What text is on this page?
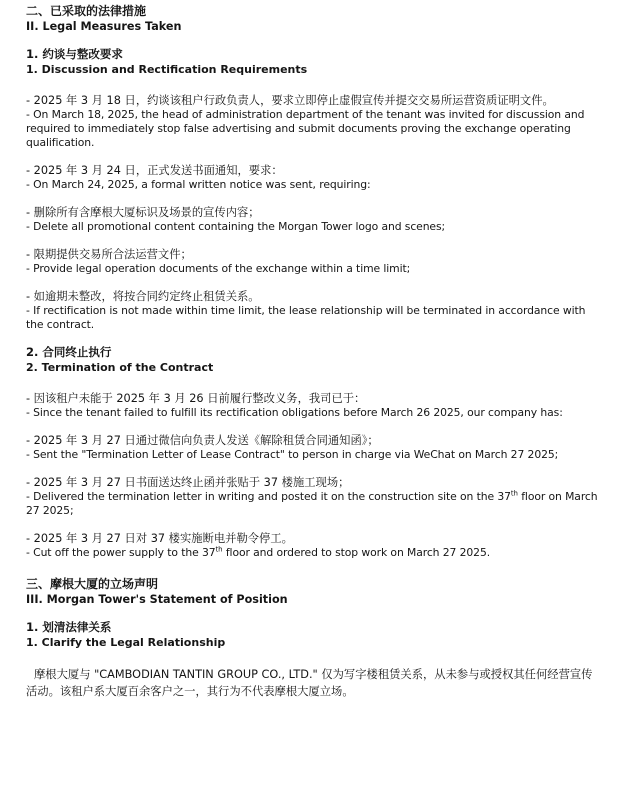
二、已采取的法律措施
II. Legal Measures Taken
1. 约谈与整改要求
1. Discussion and Rectification Requirements
- 2025 年 3 月 18 日，约谈该租户行政负责人，要求立即停止虚假宣传并提交交易所运营资质证明文件。
- On March 18, 2025, the head of administration department of the tenant was invited for discussion and required to immediately stop false advertising and submit documents proving the exchange operating qualification.
- 2025 年 3 月 24 日，正式发送书面通知，要求：
- On March 24, 2025, a formal written notice was sent, requiring:
- 删除所有含摩根大厦标识及场景的宣传内容；
- Delete all promotional content containing the Morgan Tower logo and scenes;
- 限期提供交易所合法运营文件；
- Provide legal operation documents of the exchange within a time limit;
- 如逾期未整改，将按合同约定终止租赁关系。
- If rectification is not made within time limit, the lease relationship will be terminated in accordance with the contract.
2. 合同终止执行
2. Termination of the Contract
- 因该租户未能于 2025 年 3 月 26 日前履行整改义务，我司已于：
- Since the tenant failed to fulfill its rectification obligations before March 26 2025, our company has:
- 2025 年 3 月 27 日通过微信向负责人发送《解除租赁合同通知函》；
- Sent the "Termination Letter of Lease Contract" to person in charge via WeChat on March 27 2025;
- 2025 年 3 月 27 日书面送达终止函并张贴于 37 楼施工现场；
- Delivered the termination letter in writing and posted it on the construction site on the 37th floor on March 27 2025;
- 2025 年 3 月 27 日对 37 楼实施断电并勒令停工。
- Cut off the power supply to the 37th floor and ordered to stop work on March 27 2025.
三、摩根大厦的立场声明
III. Morgan Tower's Statement of Position
1. 划清法律关系
1. Clarify the Legal Relationship
摩根大厦与 "CAMBODIAN TANTIN GROUP CO., LTD." 仅为写字楼租赁关系，从未参与或授权其任何经营宣传活动。该租户系大厦百余客户之一，其行为不代表摩根大厦立场。
